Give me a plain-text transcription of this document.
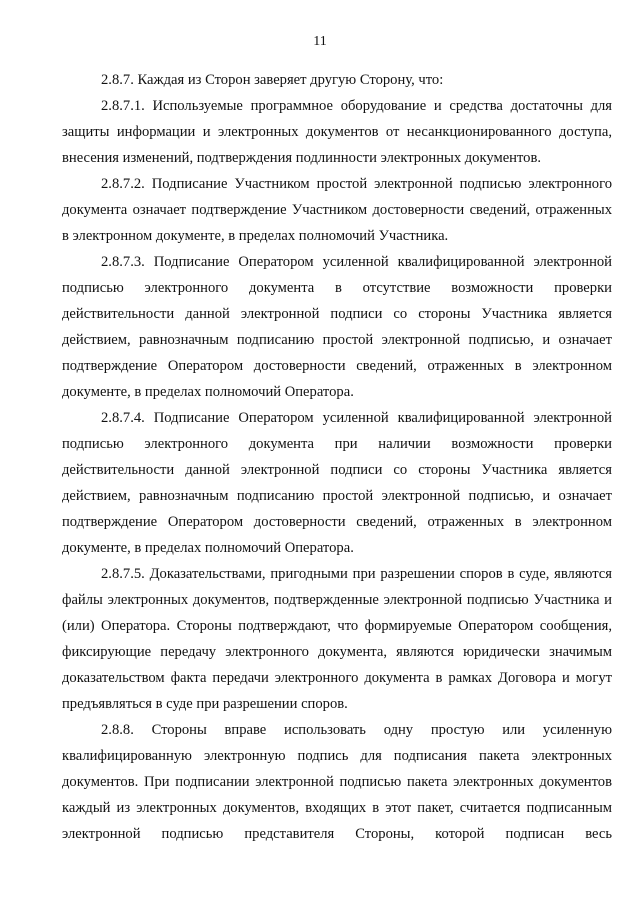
11

2.8.7. Каждая из Сторон заверяет другую Сторону, что:

2.8.7.1. Используемые программное оборудование и средства достаточны для защиты информации и электронных документов от несанкционированного доступа, внесения изменений, подтверждения подлинности электронных документов.

2.8.7.2. Подписание Участником простой электронной подписью электронного документа означает подтверждение Участником достоверности сведений, отраженных в электронном документе, в пределах полномочий Участника.

2.8.7.3. Подписание Оператором усиленной квалифицированной электронной подписью электронного документа в отсутствие возможности проверки действительности данной электронной подписи со стороны Участника является действием, равнозначным подписанию простой электронной подписью, и означает подтверждение Оператором достоверности сведений, отраженных в электронном документе, в пределах полномочий Оператора.

2.8.7.4. Подписание Оператором усиленной квалифицированной электронной подписью электронного документа при наличии возможности проверки действительности данной электронной подписи со стороны Участника является действием, равнозначным подписанию простой электронной подписью, и означает подтверждение Оператором достоверности сведений, отраженных в электронном документе, в пределах полномочий Оператора.

2.8.7.5. Доказательствами, пригодными при разрешении споров в суде, являются файлы электронных документов, подтвержденные электронной подписью Участника и (или) Оператора. Стороны подтверждают, что формируемые Оператором сообщения, фиксирующие передачу электронного документа, являются юридически значимым доказательством факта передачи электронного документа в рамках Договора и могут предъявляться в суде при разрешении споров.

2.8.8. Стороны вправе использовать одну простую или усиленную квалифицированную электронную подпись для подписания пакета электронных документов. При подписании электронной подписью пакета электронных документов каждый из электронных документов, входящих в этот пакет, считается подписанным электронной подписью представителя Стороны, которой подписан весь
